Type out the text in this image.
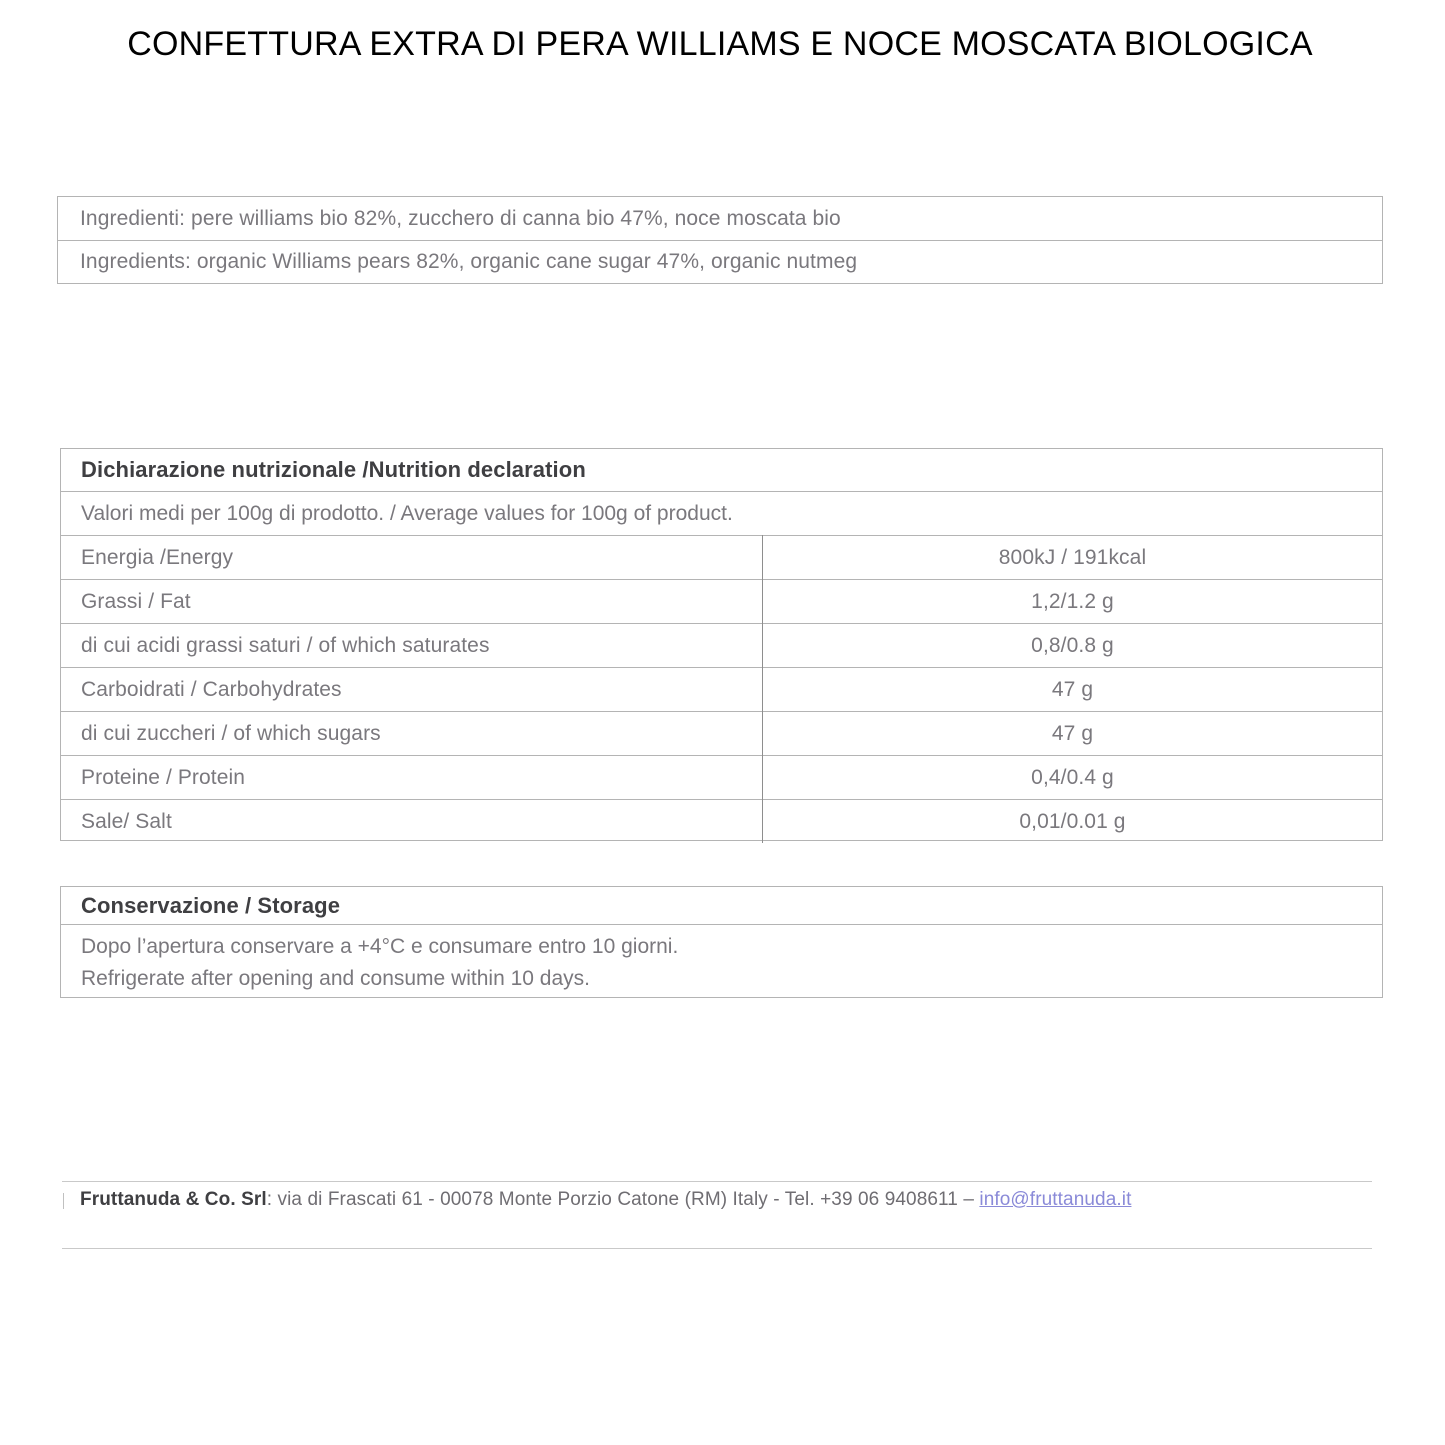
CONFETTURA EXTRA DI PERA WILLIAMS E NOCE MOSCATA BIOLOGICA
Ingredienti: pere williams bio 82%, zucchero di canna bio 47%, noce moscata bio
Ingredients: organic Williams pears 82%, organic cane sugar 47%, organic nutmeg
Dichiarazione nutrizionale /Nutrition declaration
Valori medi per 100g di prodotto. / Average values for 100g of product.
Energia /Energy	800kJ / 191kcal
Grassi / Fat	1,2/1.2 g
di cui acidi grassi saturi / of which saturates	0,8/0.8 g
Carboidrati / Carbohydrates	47 g
di cui zuccheri / of which sugars	47 g
Proteine / Protein	0,4/0.4 g
Sale/ Salt	0,01/0.01 g
Conservazione / Storage
Dopo l’apertura conservare a +4°C e consumare entro 10 giorni.
Refrigerate after opening and consume within 10 days.
Fruttanuda & Co. Srl: via di Frascati 61 - 00078 Monte Porzio Catone (RM) Italy - Tel. +39 06 9408611 – info@fruttanuda.it
